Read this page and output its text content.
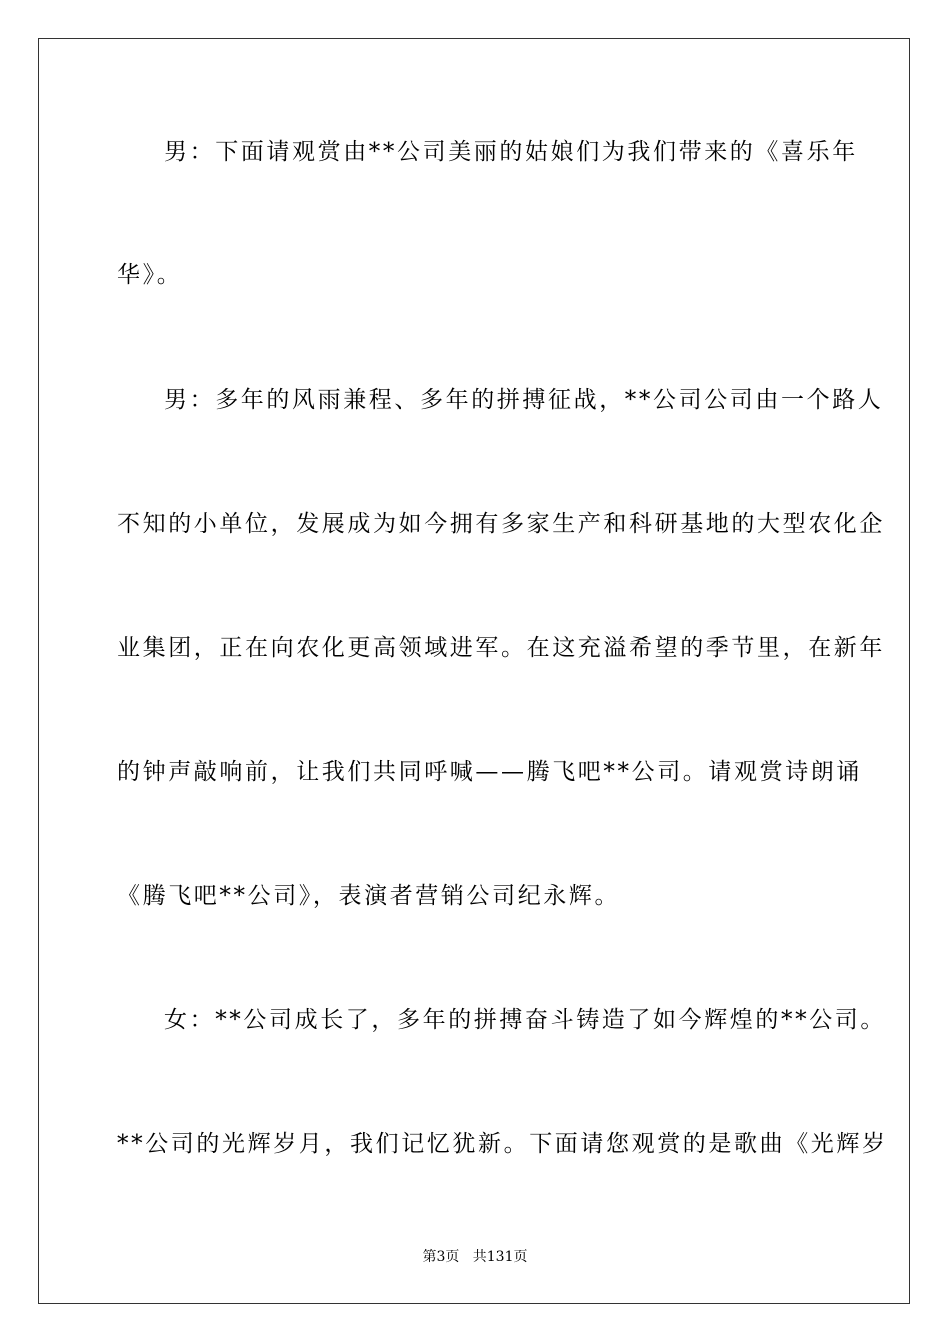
男：下面请观赏由**公司美丽的姑娘们为我们带来的《喜乐年
华》。
男：多年的风雨兼程、多年的拼搏征战，**公司公司由一个路人
不知的小单位，发展成为如今拥有多家生产和科研基地的大型农化企
业集团，正在向农化更高领域进军。在这充溢希望的季节里，在新年
的钟声敲响前，让我们共同呼喊——腾飞吧**公司。请观赏诗朗诵
《腾飞吧**公司》，表演者营销公司纪永辉。
女：**公司成长了，多年的拼搏奋斗铸造了如今辉煌的**公司。
**公司的光辉岁月，我们记忆犹新。下面请您观赏的是歌曲《光辉岁
第3页 共131页
